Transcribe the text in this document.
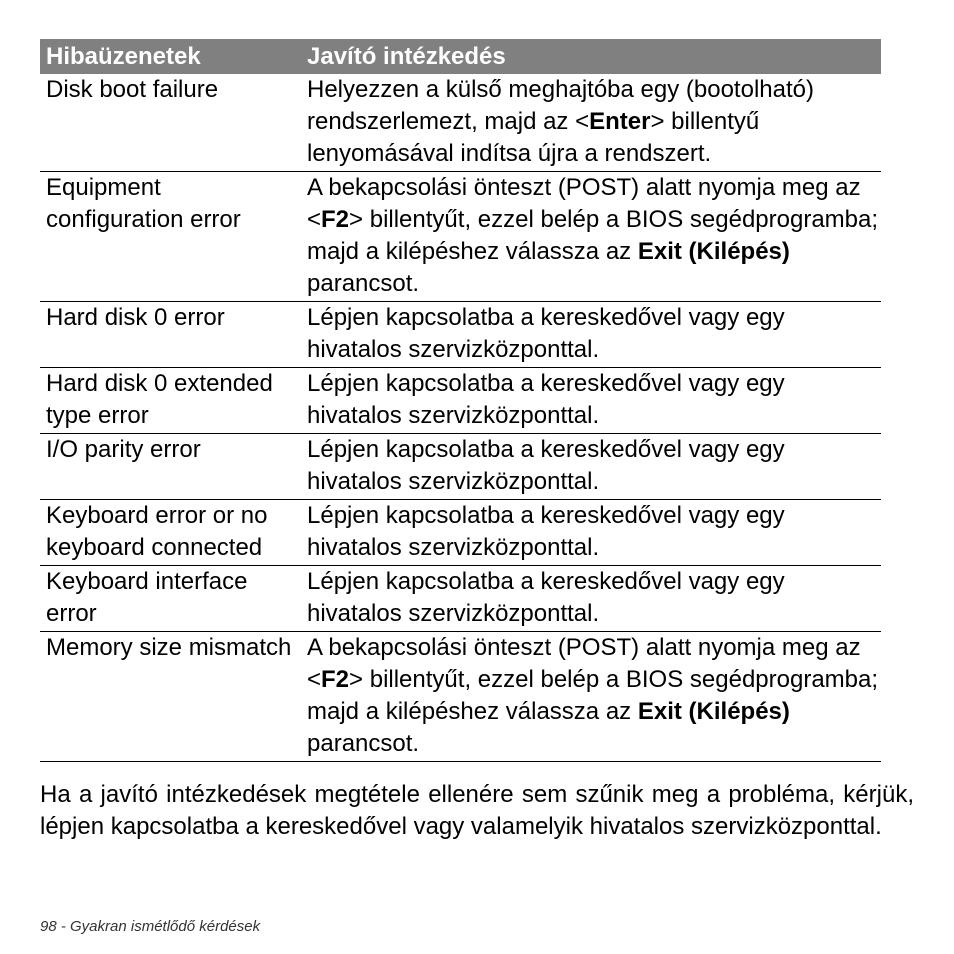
Hibaüzenetek	Javító intézkedés
Disk boot failure	Helyezzen a külső meghajtóba egy (bootolható) rendszerlemezt, majd az <Enter> billentyű lenyomásával indítsa újra a rendszert.
Equipment configuration error	A bekapcsolási önteszt (POST) alatt nyomja meg az <F2> billentyűt, ezzel belép a BIOS segédprogramba; majd a kilépéshez válassza az Exit (Kilépés) parancsot.
Hard disk 0 error	Lépjen kapcsolatba a kereskedővel vagy egy hivatalos szervizközponttal.
Hard disk 0 extended type error	Lépjen kapcsolatba a kereskedővel vagy egy hivatalos szervizközponttal.
I/O parity error	Lépjen kapcsolatba a kereskedővel vagy egy hivatalos szervizközponttal.
Keyboard error or no keyboard connected	Lépjen kapcsolatba a kereskedővel vagy egy hivatalos szervizközponttal.
Keyboard interface error	Lépjen kapcsolatba a kereskedővel vagy egy hivatalos szervizközponttal.
Memory size mismatch	A bekapcsolási önteszt (POST) alatt nyomja meg az <F2> billentyűt, ezzel belép a BIOS segédprogramba; majd a kilépéshez válassza az Exit (Kilépés) parancsot.

Ha a javító intézkedések megtétele ellenére sem szűnik meg a probléma, kérjük, lépjen kapcsolatba a kereskedővel vagy valamelyik hivatalos szervizközponttal.

98 - Gyakran ismétlődő kérdések
